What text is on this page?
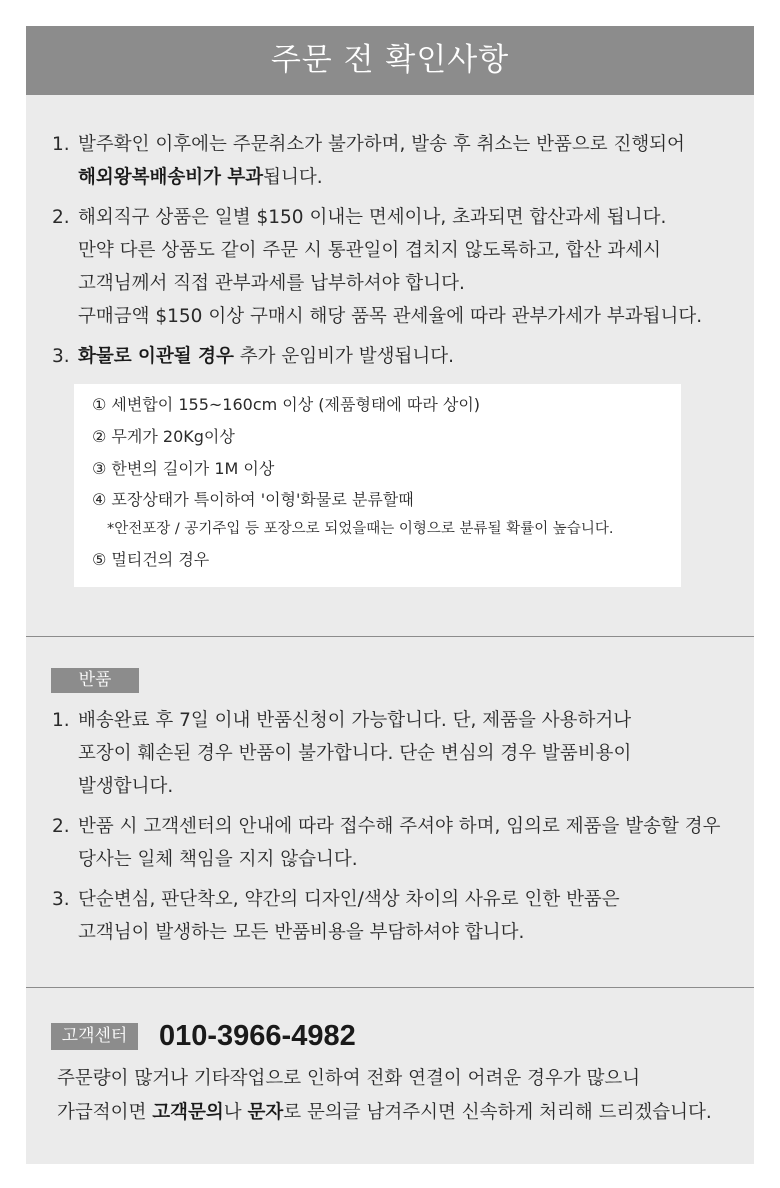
주문 전 확인사항
1. 발주확인 이후에는 주문취소가 불가하며, 발송 후 취소는 반품으로 진행되어
해외왕복배송비가 부과됩니다.
2. 해외직구 상품은 일별 $150 이내는 면세이나, 초과되면 합산과세 됩니다.
만약 다른 상품도 같이 주문 시 통관일이 겹치지 않도록하고, 합산 과세시
고객님께서 직접 관부과세를 납부하셔야 합니다.
구매금액 $150 이상 구매시 해당 품목 관세율에 따라 관부가세가 부과됩니다.
3. 화물로 이관될 경우 추가 운임비가 발생됩니다.
① 세변합이 155~160cm 이상 (제품형태에 따라 상이)
② 무게가 20Kg이상
③ 한변의 길이가 1M 이상
④ 포장상태가 특이하여 '이형'화물로 분류할때
*안전포장 / 공기주입 등 포장으로 되었을때는 이형으로 분류될 확률이 높습니다.
⑤ 멀티건의 경우
반품
1. 배송완료 후 7일 이내 반품신청이 가능합니다. 단, 제품을 사용하거나
포장이 훼손된 경우 반품이 불가합니다. 단순 변심의 경우 발품비용이
발생합니다.
2. 반품 시 고객센터의 안내에 따라 접수해 주셔야 하며, 임의로 제품을 발송할 경우
당사는 일체 책임을 지지 않습니다.
3. 단순변심, 판단착오, 약간의 디자인/색상 차이의 사유로 인한 반품은
고객님이 발생하는 모든 반품비용을 부담하셔야 합니다.
고객센터	010-3966-4982
주문량이 많거나 기타작업으로 인하여 전화 연결이 어려운 경우가 많으니
가급적이면 고객문의나 문자로 문의글 남겨주시면 신속하게 처리해 드리겠습니다.
